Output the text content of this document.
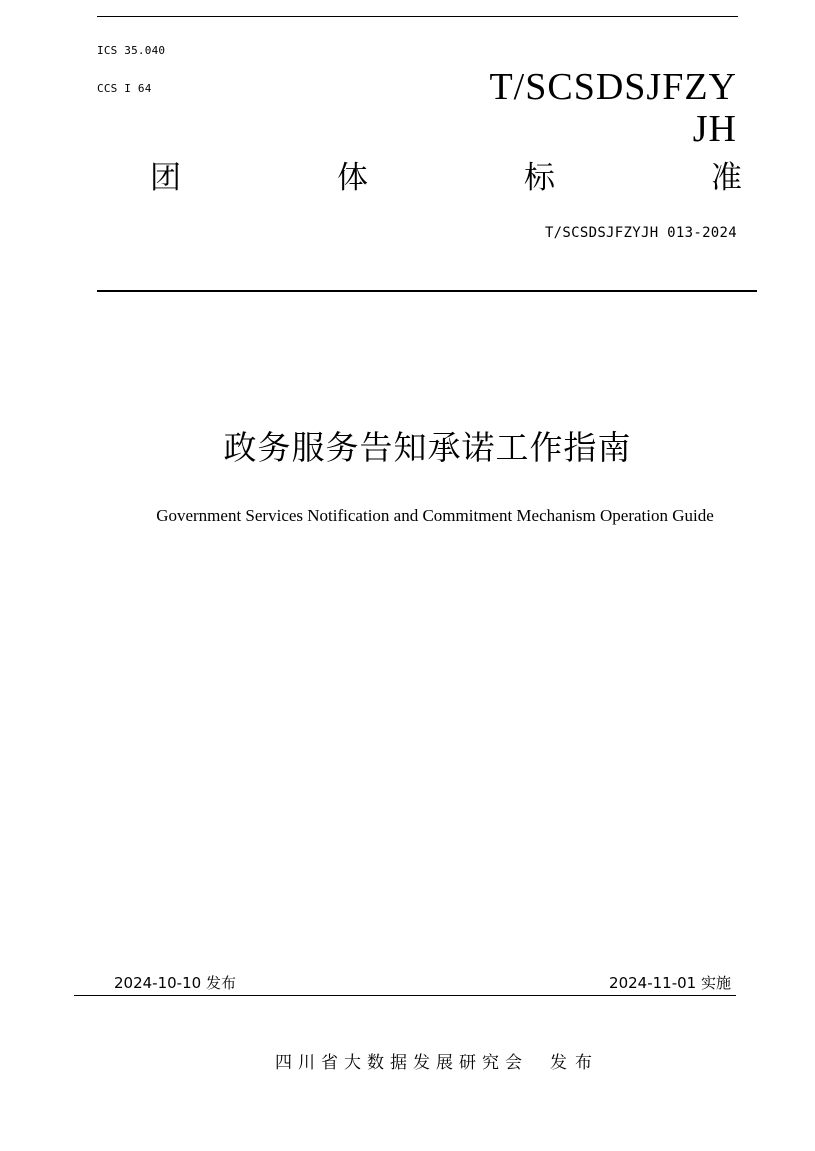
ICS 35.040
CCS I 64	T/SCSDSJFZY
JH
团	体	标	准
T/SCSDSJFZYJH 013-2024
政务服务告知承诺工作指南
Government Services Notification and Commitment Mechanism Operation Guide
2024-10-10 发布	2024-11-01 实施
四川省大数据发展研究会 发布
